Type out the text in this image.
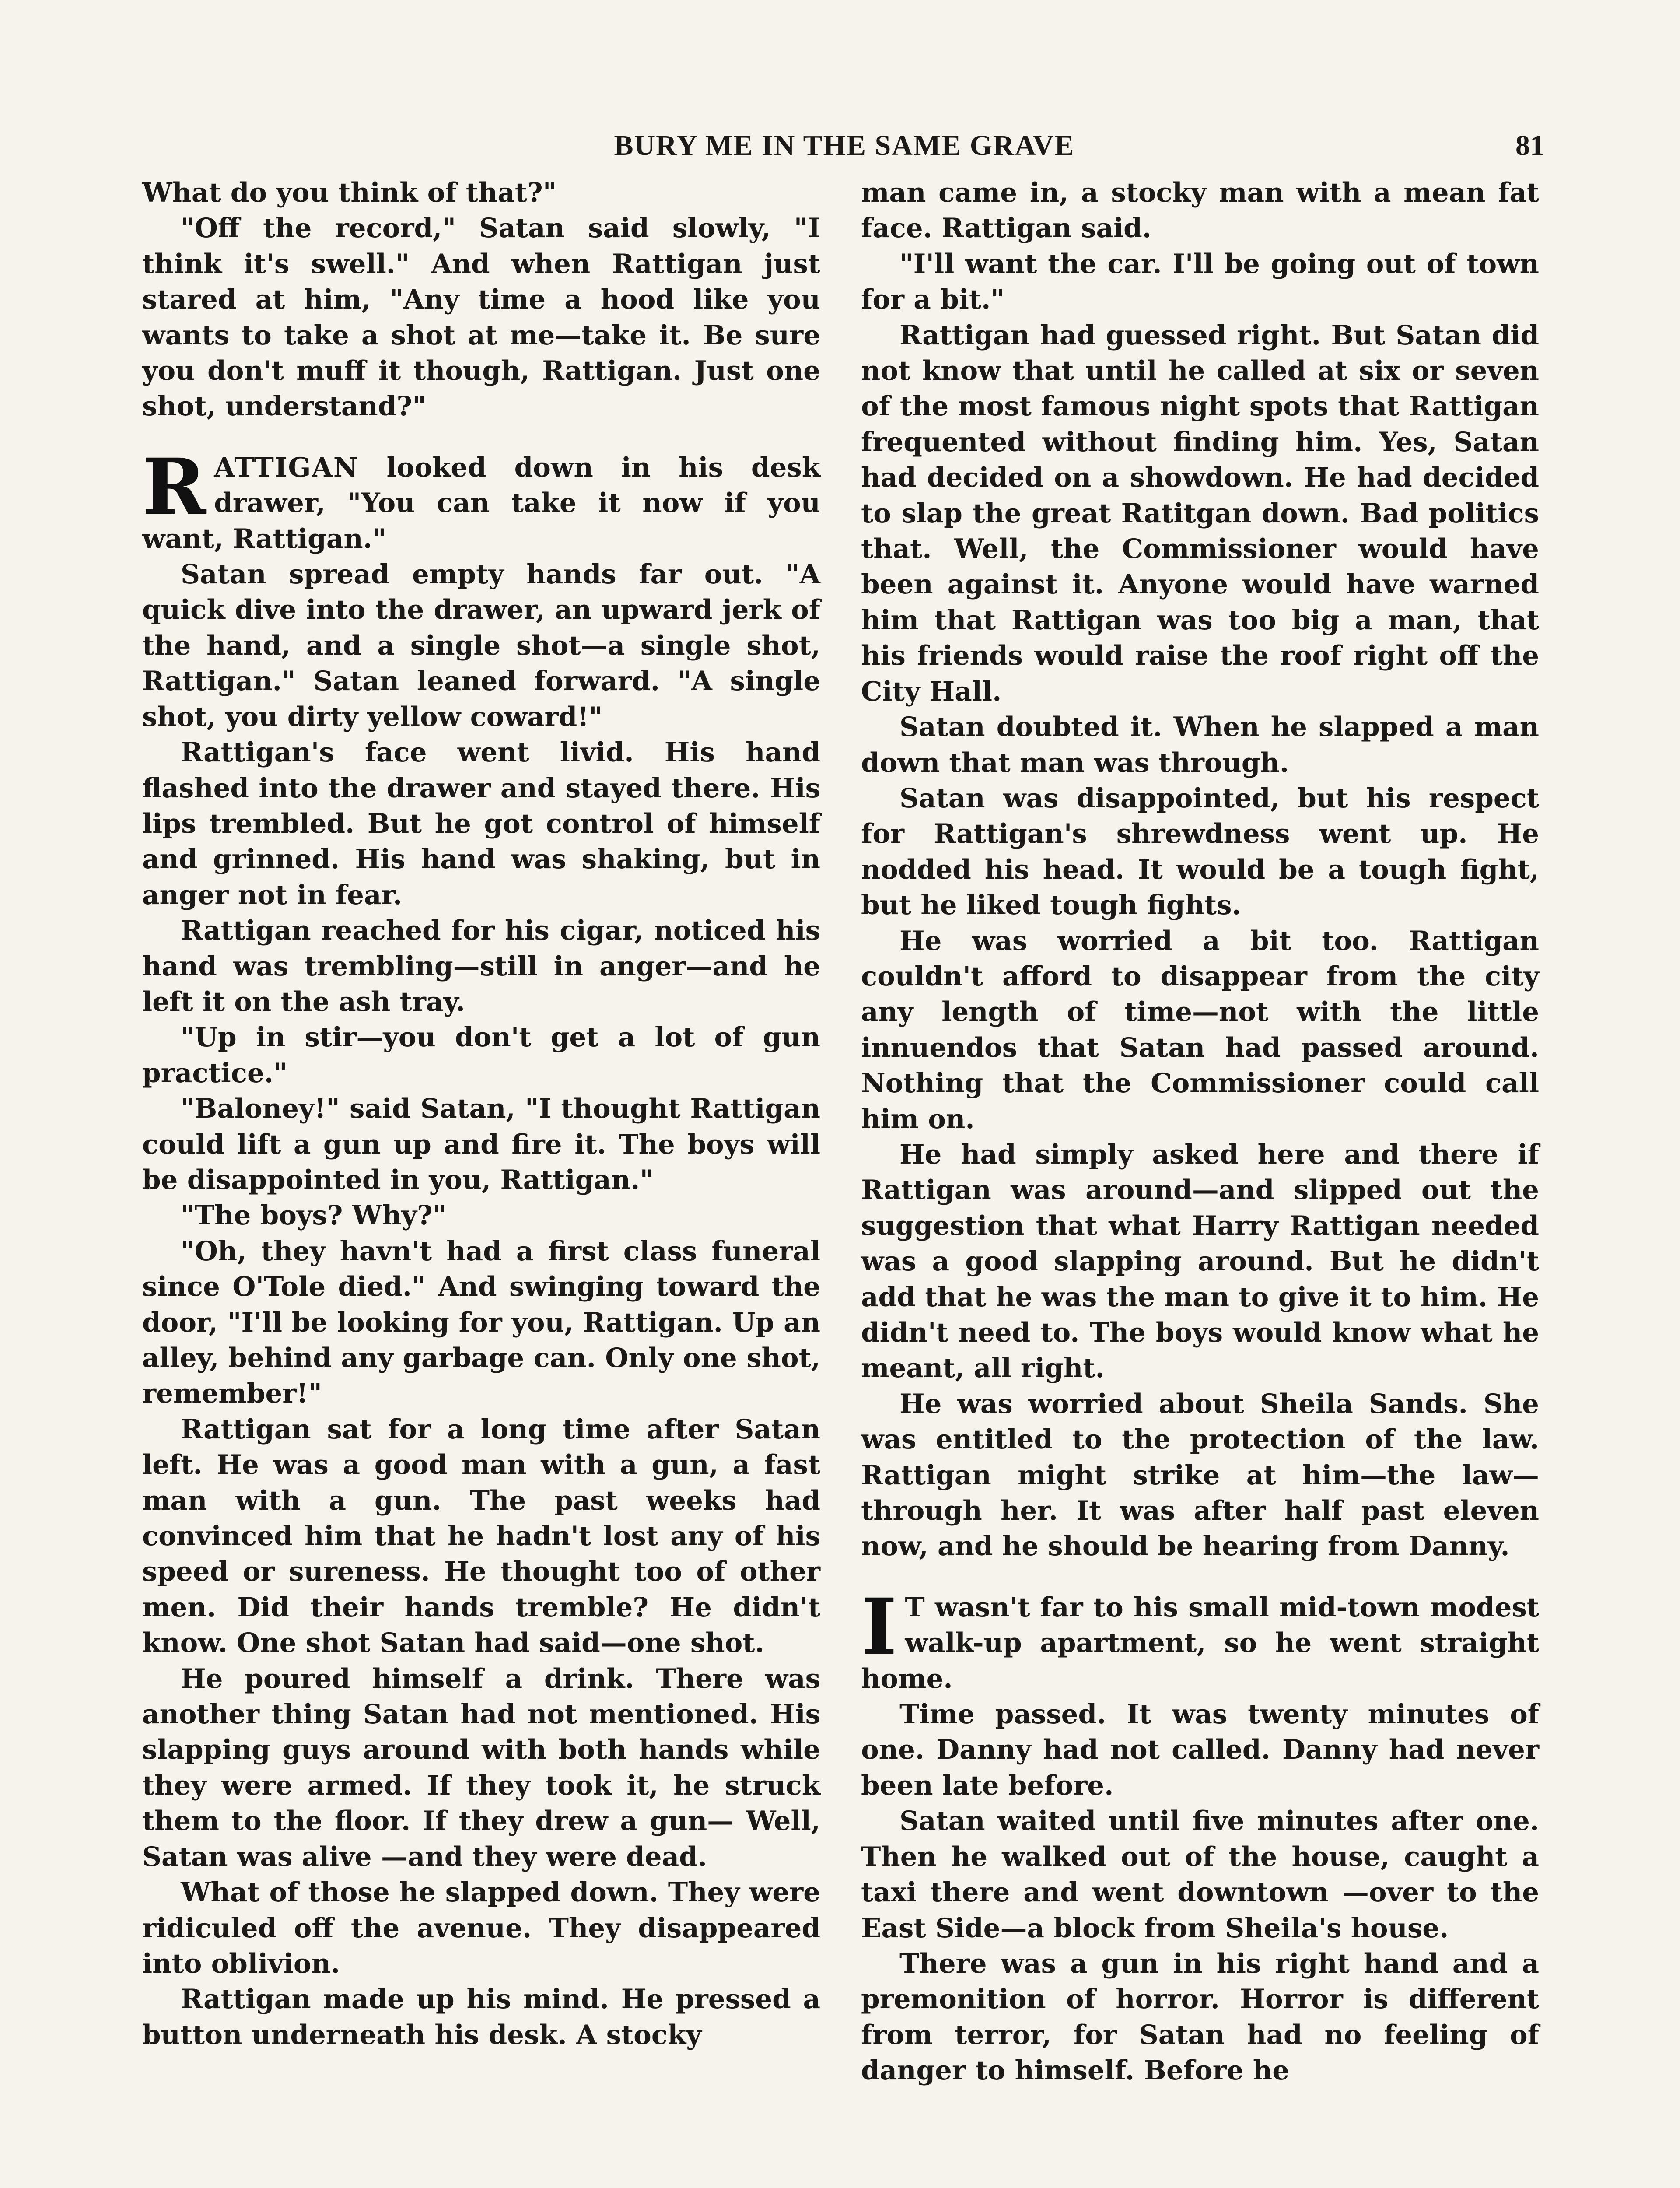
BURY ME IN THE SAME GRAVE	81

What do you think of that?"

"Off the record," Satan said slowly, "I think it's swell." And when Rattigan just stared at him, "Any time a hood like you wants to take a shot at me—take it. Be sure you don't muff it though, Rattigan. Just one shot, understand?"

RATTIGAN looked down in his desk drawer, "You can take it now if you want, Rattigan."

Satan spread empty hands far out. "A quick dive into the drawer, an upward jerk of the hand, and a single shot—a single shot, Rattigan." Satan leaned forward. "A single shot, you dirty yellow coward!"

Rattigan's face went livid. His hand flashed into the drawer and stayed there. His lips trembled. But he got control of himself and grinned. His hand was shaking, but in anger not in fear.

Rattigan reached for his cigar, noticed his hand was trembling—still in anger—and he left it on the ash tray.

"Up in stir—you don't get a lot of gun practice."

"Baloney!" said Satan, "I thought Rattigan could lift a gun up and fire it. The boys will be disappointed in you, Rattigan."

"The boys? Why?"

"Oh, they havn't had a first class funeral since O'Tole died." And swinging toward the door, "I'll be looking for you, Rattigan. Up an alley, behind any garbage can. Only one shot, remember!"

Rattigan sat for a long time after Satan left. He was a good man with a gun, a fast man with a gun. The past weeks had convinced him that he hadn't lost any of his speed or sureness. He thought too of other men. Did their hands tremble? He didn't know. One shot Satan had said—one shot.

He poured himself a drink. There was another thing Satan had not mentioned. His slapping guys around with both hands while they were armed. If they took it, he struck them to the floor. If they drew a gun— Well, Satan was alive —and they were dead.

What of those he slapped down. They were ridiculed off the avenue. They disappeared into oblivion.

Rattigan made up his mind. He pressed a button underneath his desk. A stocky

man came in, a stocky man with a mean fat face. Rattigan said.

"I'll want the car. I'll be going out of town for a bit."

Rattigan had guessed right. But Satan did not know that until he called at six or seven of the most famous night spots that Rattigan frequented without finding him. Yes, Satan had decided on a showdown. He had decided to slap the great Ratitgan down. Bad politics that. Well, the Commissioner would have been against it. Anyone would have warned him that Rattigan was too big a man, that his friends would raise the roof right off the City Hall.

Satan doubted it. When he slapped a man down that man was through.

Satan was disappointed, but his respect for Rattigan's shrewdness went up. He nodded his head. It would be a tough fight, but he liked tough fights.

He was worried a bit too. Rattigan couldn't afford to disappear from the city any length of time—not with the little innuendos that Satan had passed around. Nothing that the Commissioner could call him on.

He had simply asked here and there if Rattigan was around—and slipped out the suggestion that what Harry Rattigan needed was a good slapping around. But he didn't add that he was the man to give it to him. He didn't need to. The boys would know what he meant, all right.

He was worried about Sheila Sands. She was entitled to the protection of the law. Rattigan might strike at him—the law—through her. It was after half past eleven now, and he should be hearing from Danny.

I T wasn't far to his small mid-town modest walk-up apartment, so he went straight home.

Time passed. It was twenty minutes of one. Danny had not called. Danny had never been late before.

Satan waited until five minutes after one. Then he walked out of the house, caught a taxi there and went downtown —over to the East Side—a block from Sheila's house.

There was a gun in his right hand and a premonition of horror. Horror is different from terror, for Satan had no feeling of danger to himself. Before he
